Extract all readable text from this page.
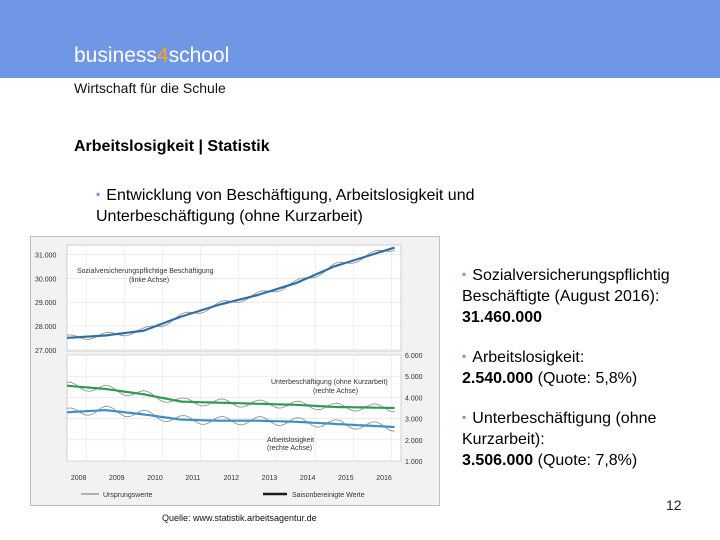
business4school
Wirtschaft für die Schule
Arbeitslosigkeit | Statistik
▪ Entwicklung von Beschäftigung, Arbeitslosigkeit und Unterbeschäftigung (ohne Kurzarbeit)
31.000
30.000
29.000
28.000
27.000
6.000
5.000
4.000
3.000
2.000
1.000
2008	2009	2010	2011	2012	2013	2014	2015	2016
Sozialversicherungspflichtige Beschäftigung
(linke Achse)
Unterbeschäftigung (ohne Kurzarbeit)
(rechte Achse)
Arbeitslosigkeit
(rechte Achse)
Ursprungswerte	Saisonbereinigte Werte
▪ Sozialversicherungspflichtig Beschäftigte (August 2016):
31.460.000
▪ Arbeitslosigkeit:
2.540.000 (Quote: 5,8%)
▪ Unterbeschäftigung (ohne Kurzarbeit):
3.506.000 (Quote: 7,8%)
Quelle: www.statistik.arbeitsagentur.de
12
